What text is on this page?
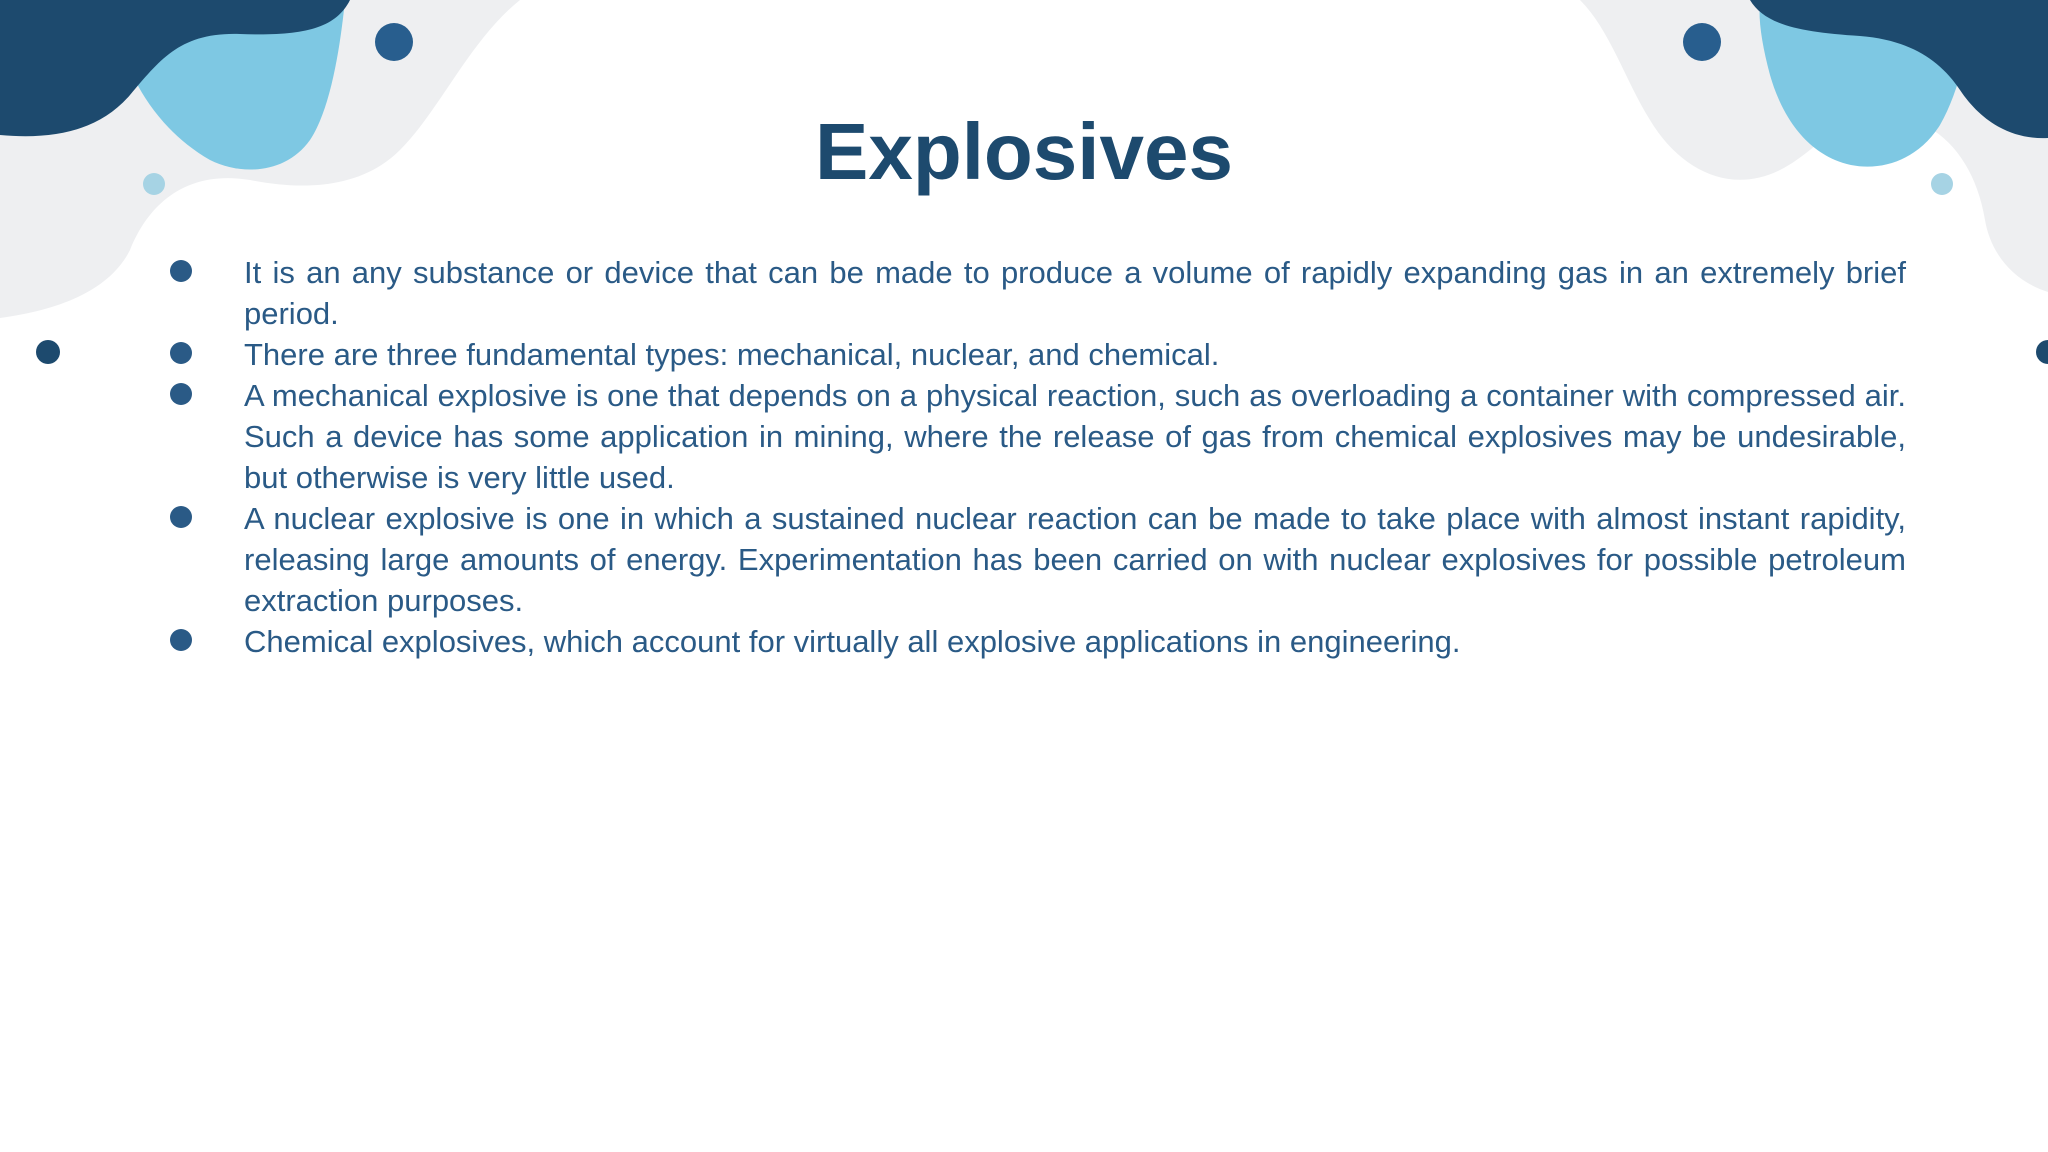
Explosives
It is an any substance or device that can be made to produce a volume of rapidly expanding gas in an extremely brief period.
There are three fundamental types: mechanical, nuclear, and chemical.
A mechanical explosive is one that depends on a physical reaction, such as overloading a container with compressed air. Such a device has some application in mining, where the release of gas from chemical explosives may be undesirable, but otherwise is very little used.
A nuclear explosive is one in which a sustained nuclear reaction can be made to take place with almost instant rapidity, releasing large amounts of energy. Experimentation has been carried on with nuclear explosives for possible petroleum extraction purposes.
Chemical explosives, which account for virtually all explosive applications in engineering.
